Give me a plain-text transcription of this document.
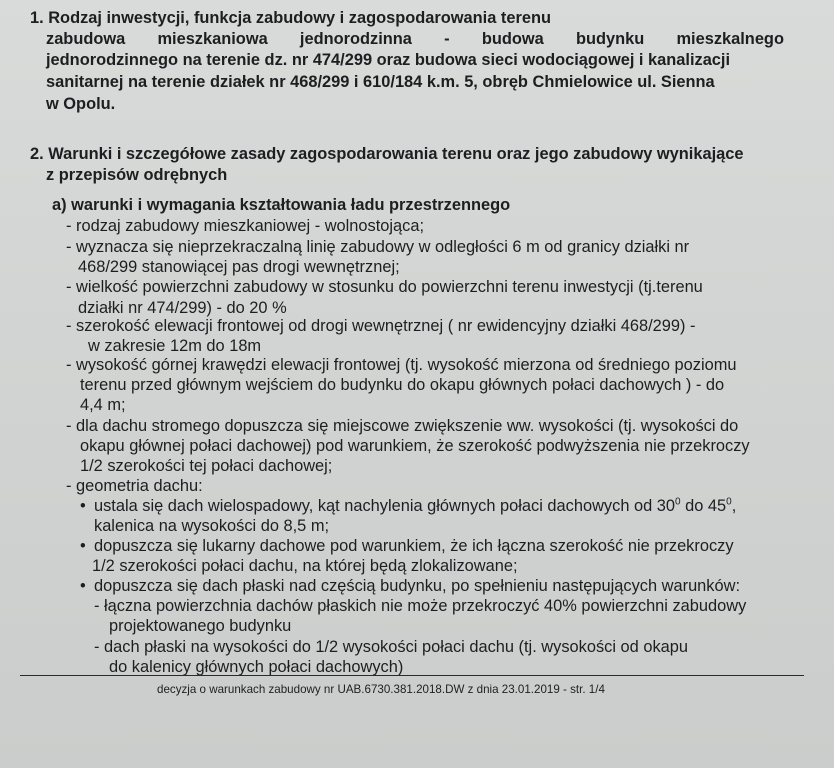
1. Rodzaj inwestycji, funkcja zabudowy i zagospodarowania terenu
zabudowa mieszkaniowa jednorodzinna - budowa budynku mieszkalnego
jednorodzinnego na terenie dz. nr 474/299 oraz budowa sieci wodociągowej i kanalizacji
sanitarnej na terenie działek nr 468/299 i 610/184 k.m. 5, obręb Chmielowice ul. Sienna
w Opolu.
2. Warunki i szczegółowe zasady zagospodarowania terenu oraz jego zabudowy wynikające
z przepisów odrębnych
a) warunki i wymagania kształtowania ładu przestrzennego
- rodzaj zabudowy mieszkaniowej - wolnostojąca;
- wyznacza się nieprzekraczalną linię zabudowy w odległości 6 m od granicy działki nr
468/299 stanowiącej pas drogi wewnętrznej;
- wielkość powierzchni zabudowy w stosunku do powierzchni terenu inwestycji (tj.terenu
działki nr 474/299) - do 20 %
- szerokość elewacji frontowej od drogi wewnętrznej ( nr ewidencyjny działki 468/299) -
w zakresie 12m do 18m
- wysokość górnej krawędzi elewacji frontowej (tj. wysokość mierzona od średniego poziomu
terenu przed głównym wejściem do budynku do okapu głównych połaci dachowych ) - do
4,4 m;
- dla dachu stromego dopuszcza się miejscowe zwiększenie ww. wysokości (tj. wysokości do
okapu głównej połaci dachowej) pod warunkiem, że szerokość podwyższenia nie przekroczy
1/2 szerokości tej połaci dachowej;
- geometria dachu:
• ustala się dach wielospadowy, kąt nachylenia głównych połaci dachowych od $30^0$ do $45^0$,
kalenica na wysokości do 8,5 m;
• dopuszcza się lukarny dachowe pod warunkiem, że ich łączna szerokość nie przekroczy
1/2 szerokości połaci dachu, na której będą zlokalizowane;
• dopuszcza się dach płaski nad częścią budynku, po spełnieniu następujących warunków:
- łączna powierzchnia dachów płaskich nie może przekroczyć 40% powierzchni zabudowy
projektowanego budynku
- dach płaski na wysokości do 1/2 wysokości połaci dachu (tj. wysokości od okapu
do kalenicy głównych połaci dachowych)
decyzja o warunkach zabudowy nr UAB.6730.381.2018.DW z dnia 23.01.2019 - str. 1/4
